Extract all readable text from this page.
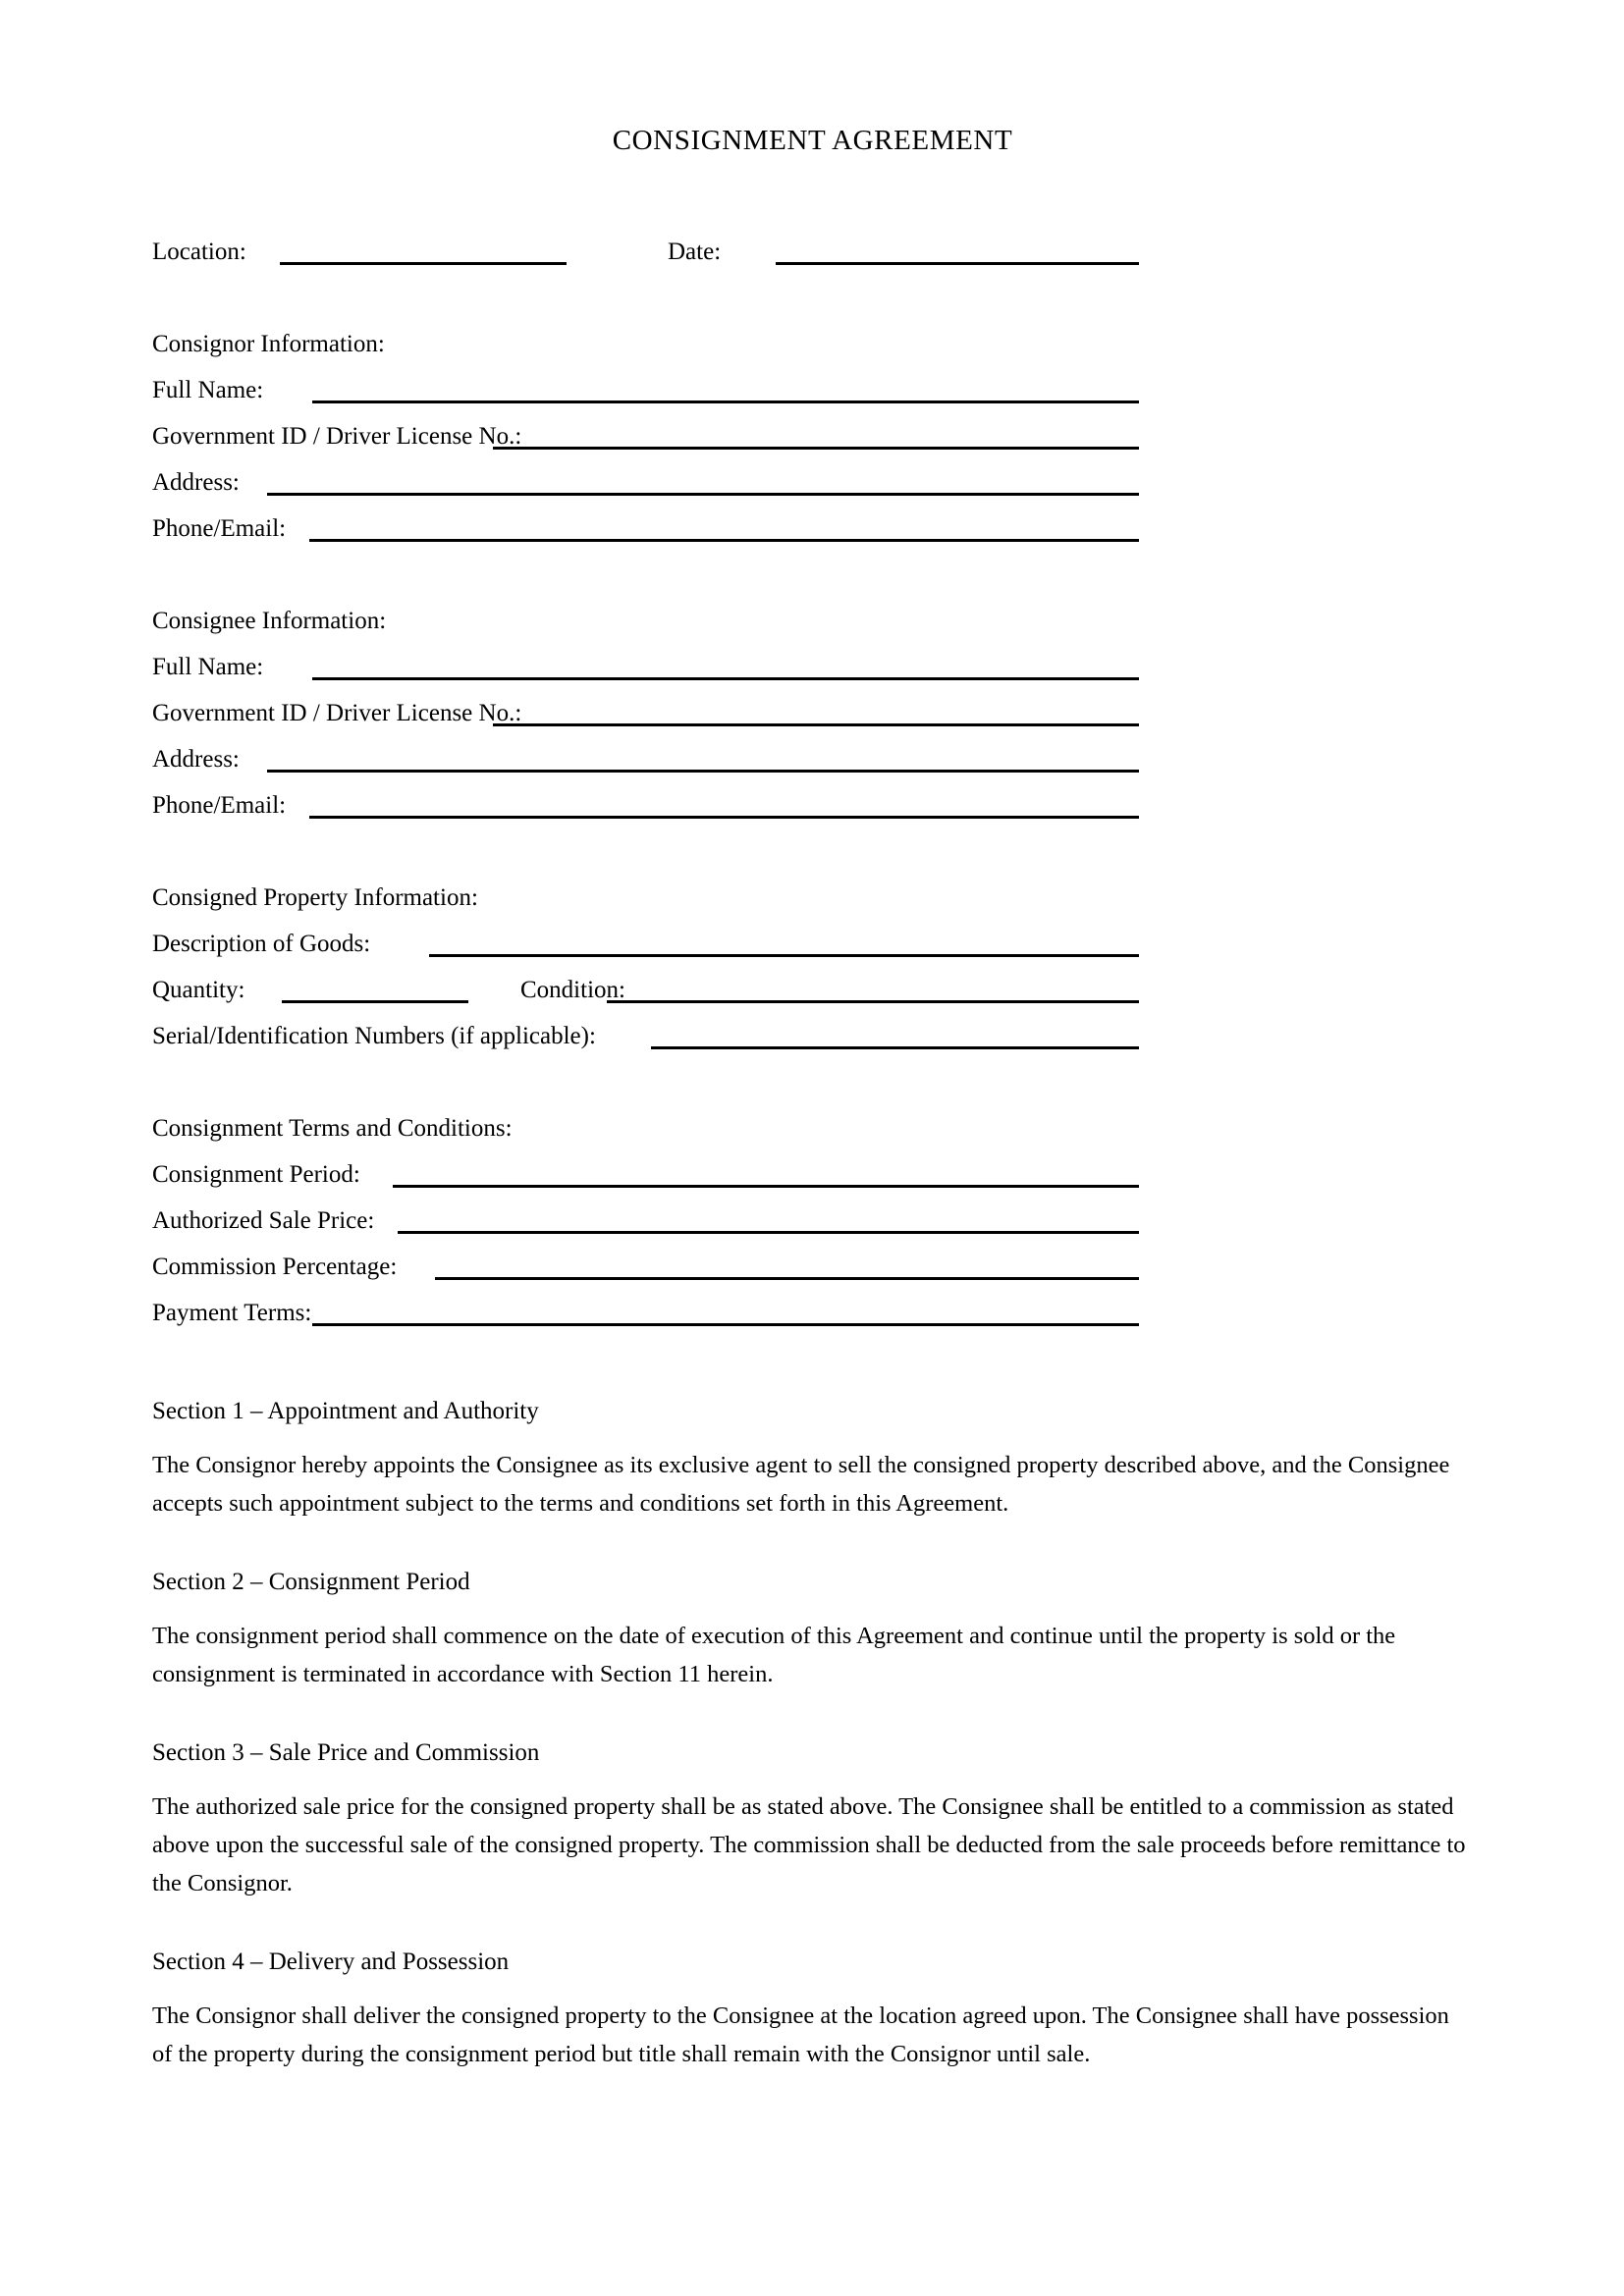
CONSIGNMENT AGREEMENT
Location:	Date:
Consignor Information:
Full Name:
Government ID / Driver License No.:
Address:
Phone/Email:
Consignee Information:
Full Name:
Government ID / Driver License No.:
Address:
Phone/Email:
Consigned Property Information:
Description of Goods:
Quantity:	Condition:
Serial/Identification Numbers (if applicable):
Consignment Terms and Conditions:
Consignment Period:
Authorized Sale Price:
Commission Percentage:
Payment Terms:
Section 1 – Appointment and Authority
The Consignor hereby appoints the Consignee as its exclusive agent to sell the consigned property described above, and the Consignee accepts such appointment subject to the terms and conditions set forth in this Agreement.
Section 2 – Consignment Period
The consignment period shall commence on the date of execution of this Agreement and continue until the property is sold or the consignment is terminated in accordance with Section 11 herein.
Section 3 – Sale Price and Commission
The authorized sale price for the consigned property shall be as stated above. The Consignee shall be entitled to a commission as stated above upon the successful sale of the consigned property. The commission shall be deducted from the sale proceeds before remittance to the Consignor.
Section 4 – Delivery and Possession
The Consignor shall deliver the consigned property to the Consignee at the location agreed upon. The Consignee shall have possession of the property during the consignment period but title shall remain with the Consignor until sale.
